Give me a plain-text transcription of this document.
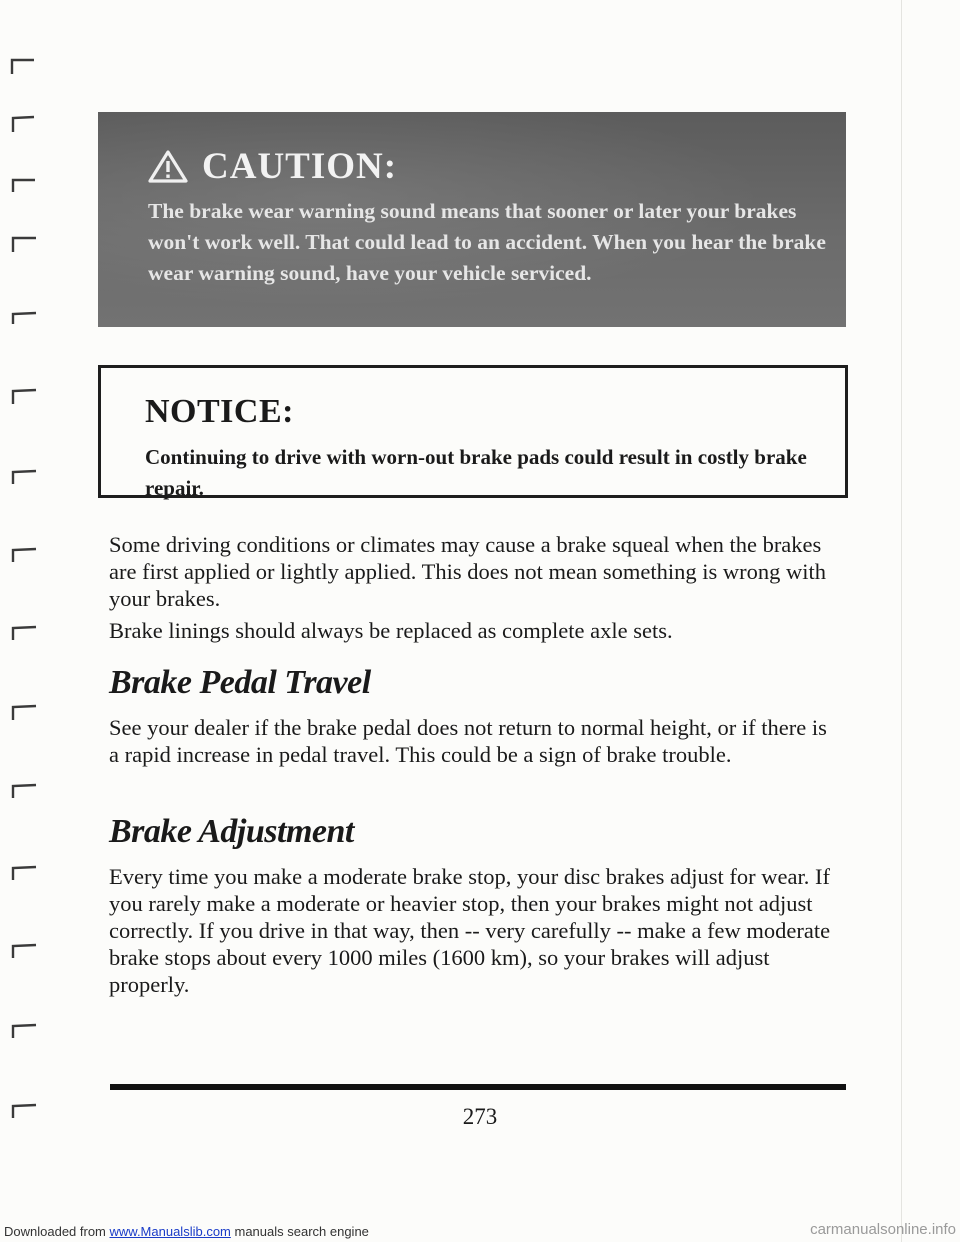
CAUTION:
The brake wear warning sound means that sooner or later your brakes won't work well. That could lead to an accident. When you hear the brake wear warning sound, have your vehicle serviced.
NOTICE:
Continuing to drive with worn-out brake pads could result in costly brake repair.
Some driving conditions or climates may cause a brake squeal when the brakes are first applied or lightly applied. This does not mean something is wrong with your brakes.
Brake linings should always be replaced as complete axle sets.
Brake Pedal Travel
See your dealer if the brake pedal does not return to normal height, or if there is a rapid increase in pedal travel. This could be a sign of brake trouble.
Brake Adjustment
Every time you make a moderate brake stop, your disc brakes adjust for wear. If you rarely make a moderate or heavier stop, then your brakes might not adjust correctly. If you drive in that way, then -- very carefully -- make a few moderate brake stops about every 1000 miles (1600 km), so your brakes will adjust properly.
273
Downloaded from www.Manualslib.com manuals search engine	carmanualsonline.info
